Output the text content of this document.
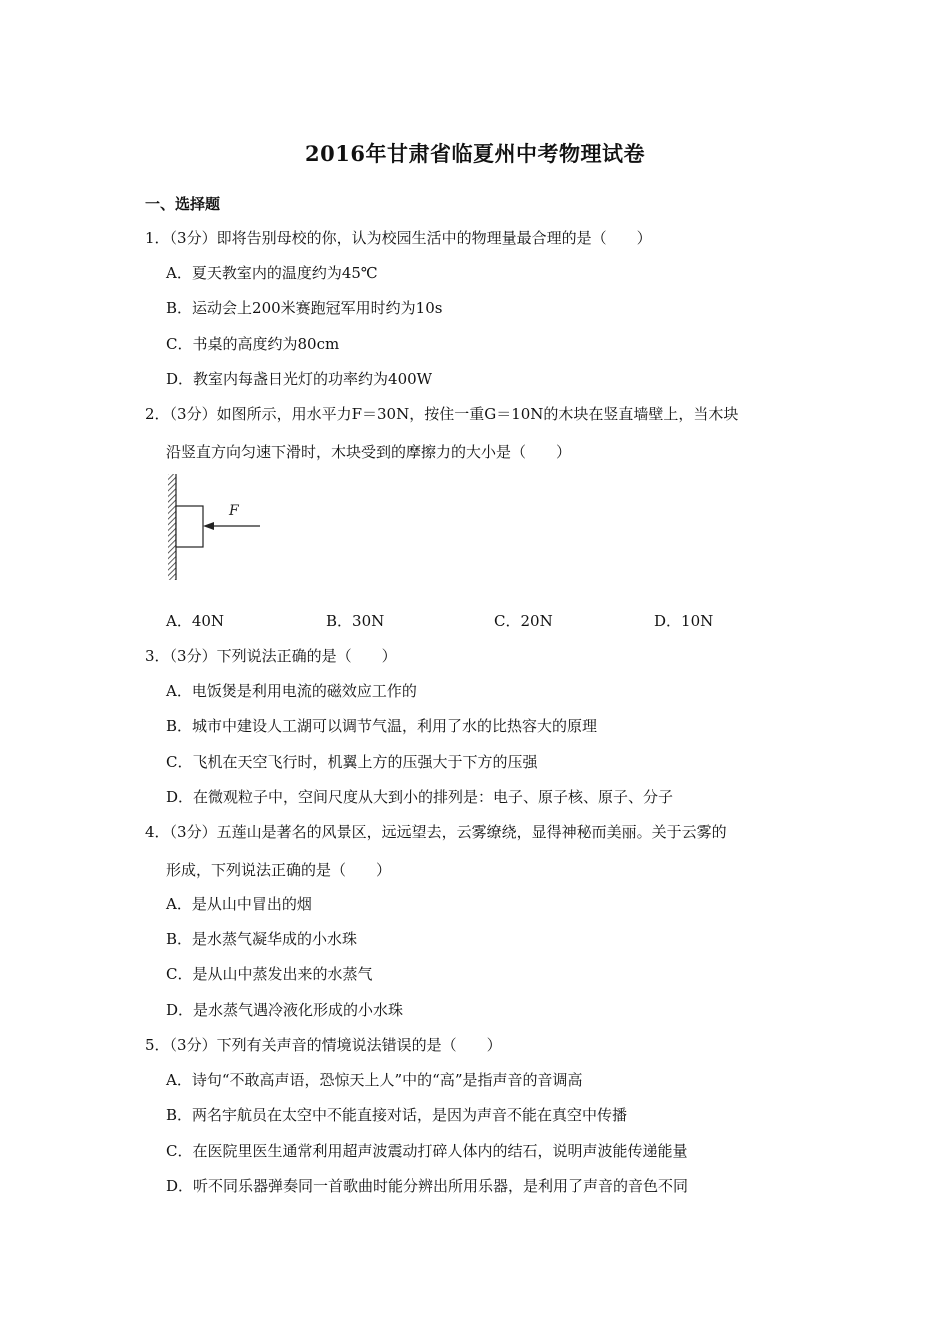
2016年甘肃省临夏州中考物理试卷
一、选择题
1．（3分）即将告别母校的你，认为校园生活中的物理量最合理的是（　　）
A．夏天教室内的温度约为45℃
B．运动会上200米赛跑冠军用时约为10s
C．书桌的高度约为80cm
D．教室内每盏日光灯的功率约为400W
2．（3分）如图所示，用水平力F＝30N，按住一重G＝10N的木块在竖直墙壁上，当木块
沿竖直方向匀速下滑时，木块受到的摩擦力的大小是（　　）
F
A．40N	B．30N	C．20N	D．10N
3．（3分）下列说法正确的是（　　）
A．电饭煲是利用电流的磁效应工作的
B．城市中建设人工湖可以调节气温，利用了水的比热容大的原理
C．飞机在天空飞行时，机翼上方的压强大于下方的压强
D．在微观粒子中，空间尺度从大到小的排列是：电子、原子核、原子、分子
4．（3分）五莲山是著名的风景区，远远望去，云雾缭绕，显得神秘而美丽。关于云雾的
形成，下列说法正确的是（　　）
A．是从山中冒出的烟
B．是水蒸气凝华成的小水珠
C．是从山中蒸发出来的水蒸气
D．是水蒸气遇冷液化形成的小水珠
5．（3分）下列有关声音的情境说法错误的是（　　）
A．诗句“不敢高声语，恐惊天上人”中的“高”是指声音的音调高
B．两名宇航员在太空中不能直接对话，是因为声音不能在真空中传播
C．在医院里医生通常利用超声波震动打碎人体内的结石，说明声波能传递能量
D．听不同乐器弹奏同一首歌曲时能分辨出所用乐器，是利用了声音的音色不同
